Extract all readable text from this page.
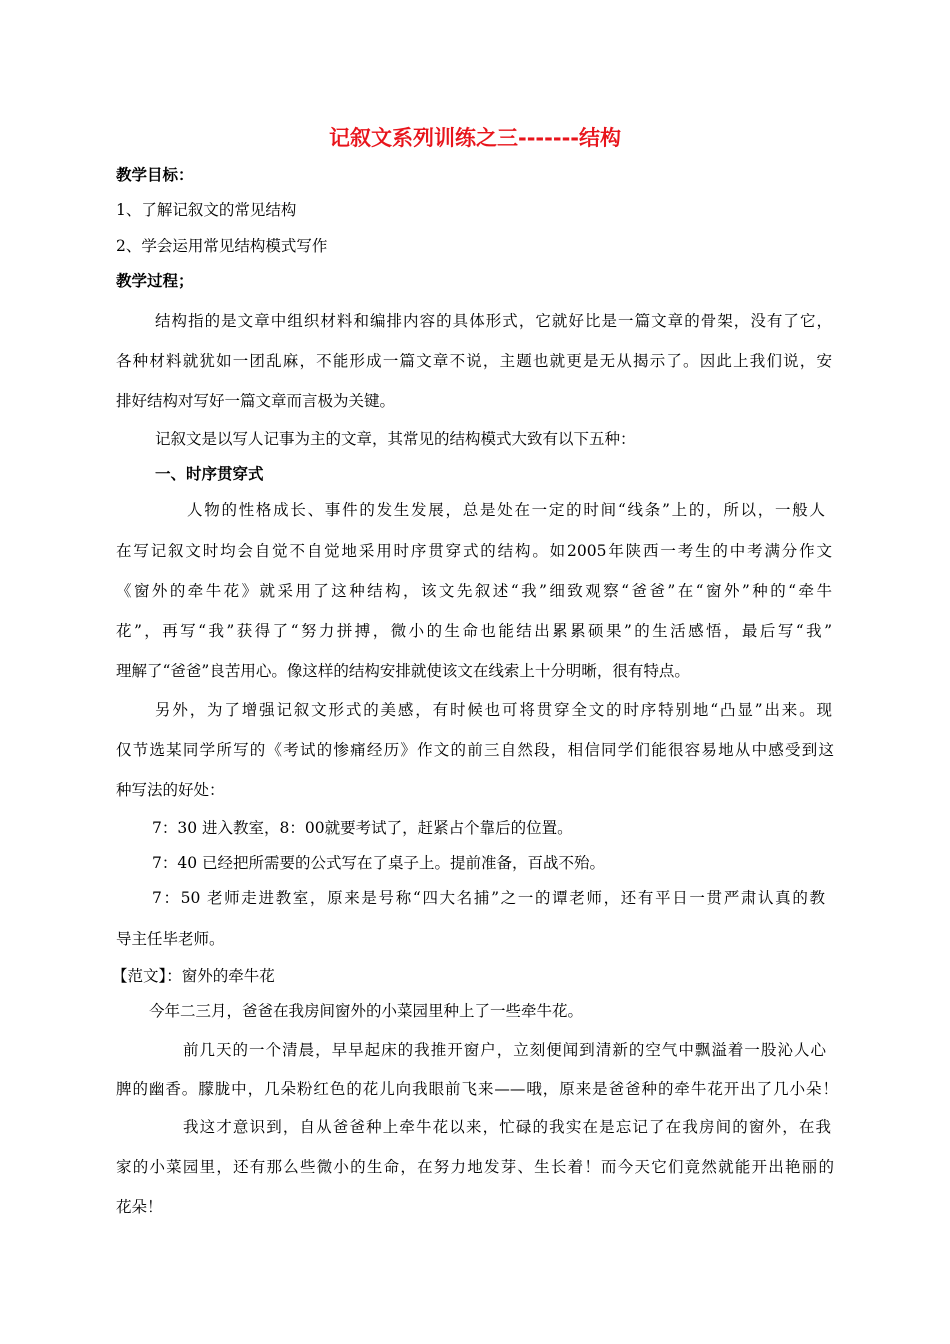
记叙文系列训练之三-------结构

教学目标：

1、了解记叙文的常见结构

2、学会运用常见结构模式写作

教学过程；

结构指的是文章中组织材料和编排内容的具体形式，它就好比是一篇文章的骨架，没有了它，

各种材料就犹如一团乱麻，不能形成一篇文章不说，主题也就更是无从揭示了。因此上我们说，安

排好结构对写好一篇文章而言极为关键。

记叙文是以写人记事为主的文章，其常见的结构模式大致有以下五种：

一、时序贯穿式

人物的性格成长、事件的发生发展，总是处在一定的时间“线条”上的，所以，一般人

在写记叙文时均会自觉不自觉地采用时序贯穿式的结构。如2005年陕西一考生的中考满分作文

《窗外的牵牛花》就采用了这种结构，该文先叙述“我”细致观察“爸爸”在“窗外”种的“牵牛

花”，再写“我”获得了“努力拼搏，微小的生命也能结出累累硕果”的生活感悟，最后写“我”

理解了“爸爸”良苦用心。像这样的结构安排就使该文在线索上十分明晰，很有特点。

另外，为了增强记叙文形式的美感，有时候也可将贯穿全文的时序特别地“凸显”出来。现

仅节选某同学所写的《考试的惨痛经历》作文的前三自然段，相信同学们能很容易地从中感受到这

种写法的好处：

7：30 进入教室，8：00就要考试了，赶紧占个靠后的位置。

7：40 已经把所需要的公式写在了桌子上。提前准备，百战不殆。

7：50 老师走进教室，原来是号称“四大名捕”之一的谭老师，还有平日一贯严肃认真的教

导主任毕老师。

【范文】：窗外的牵牛花

今年二三月，爸爸在我房间窗外的小菜园里种上了一些牵牛花。

前几天的一个清晨，早早起床的我推开窗户，立刻便闻到清新的空气中飘溢着一股沁人心

脾的幽香。朦胧中，几朵粉红色的花儿向我眼前飞来——哦，原来是爸爸种的牵牛花开出了几小朵！

我这才意识到，自从爸爸种上牵牛花以来，忙碌的我实在是忘记了在我房间的窗外，在我

家的小菜园里，还有那么些微小的生命，在努力地发芽、生长着！而今天它们竟然就能开出艳丽的

花朵！
